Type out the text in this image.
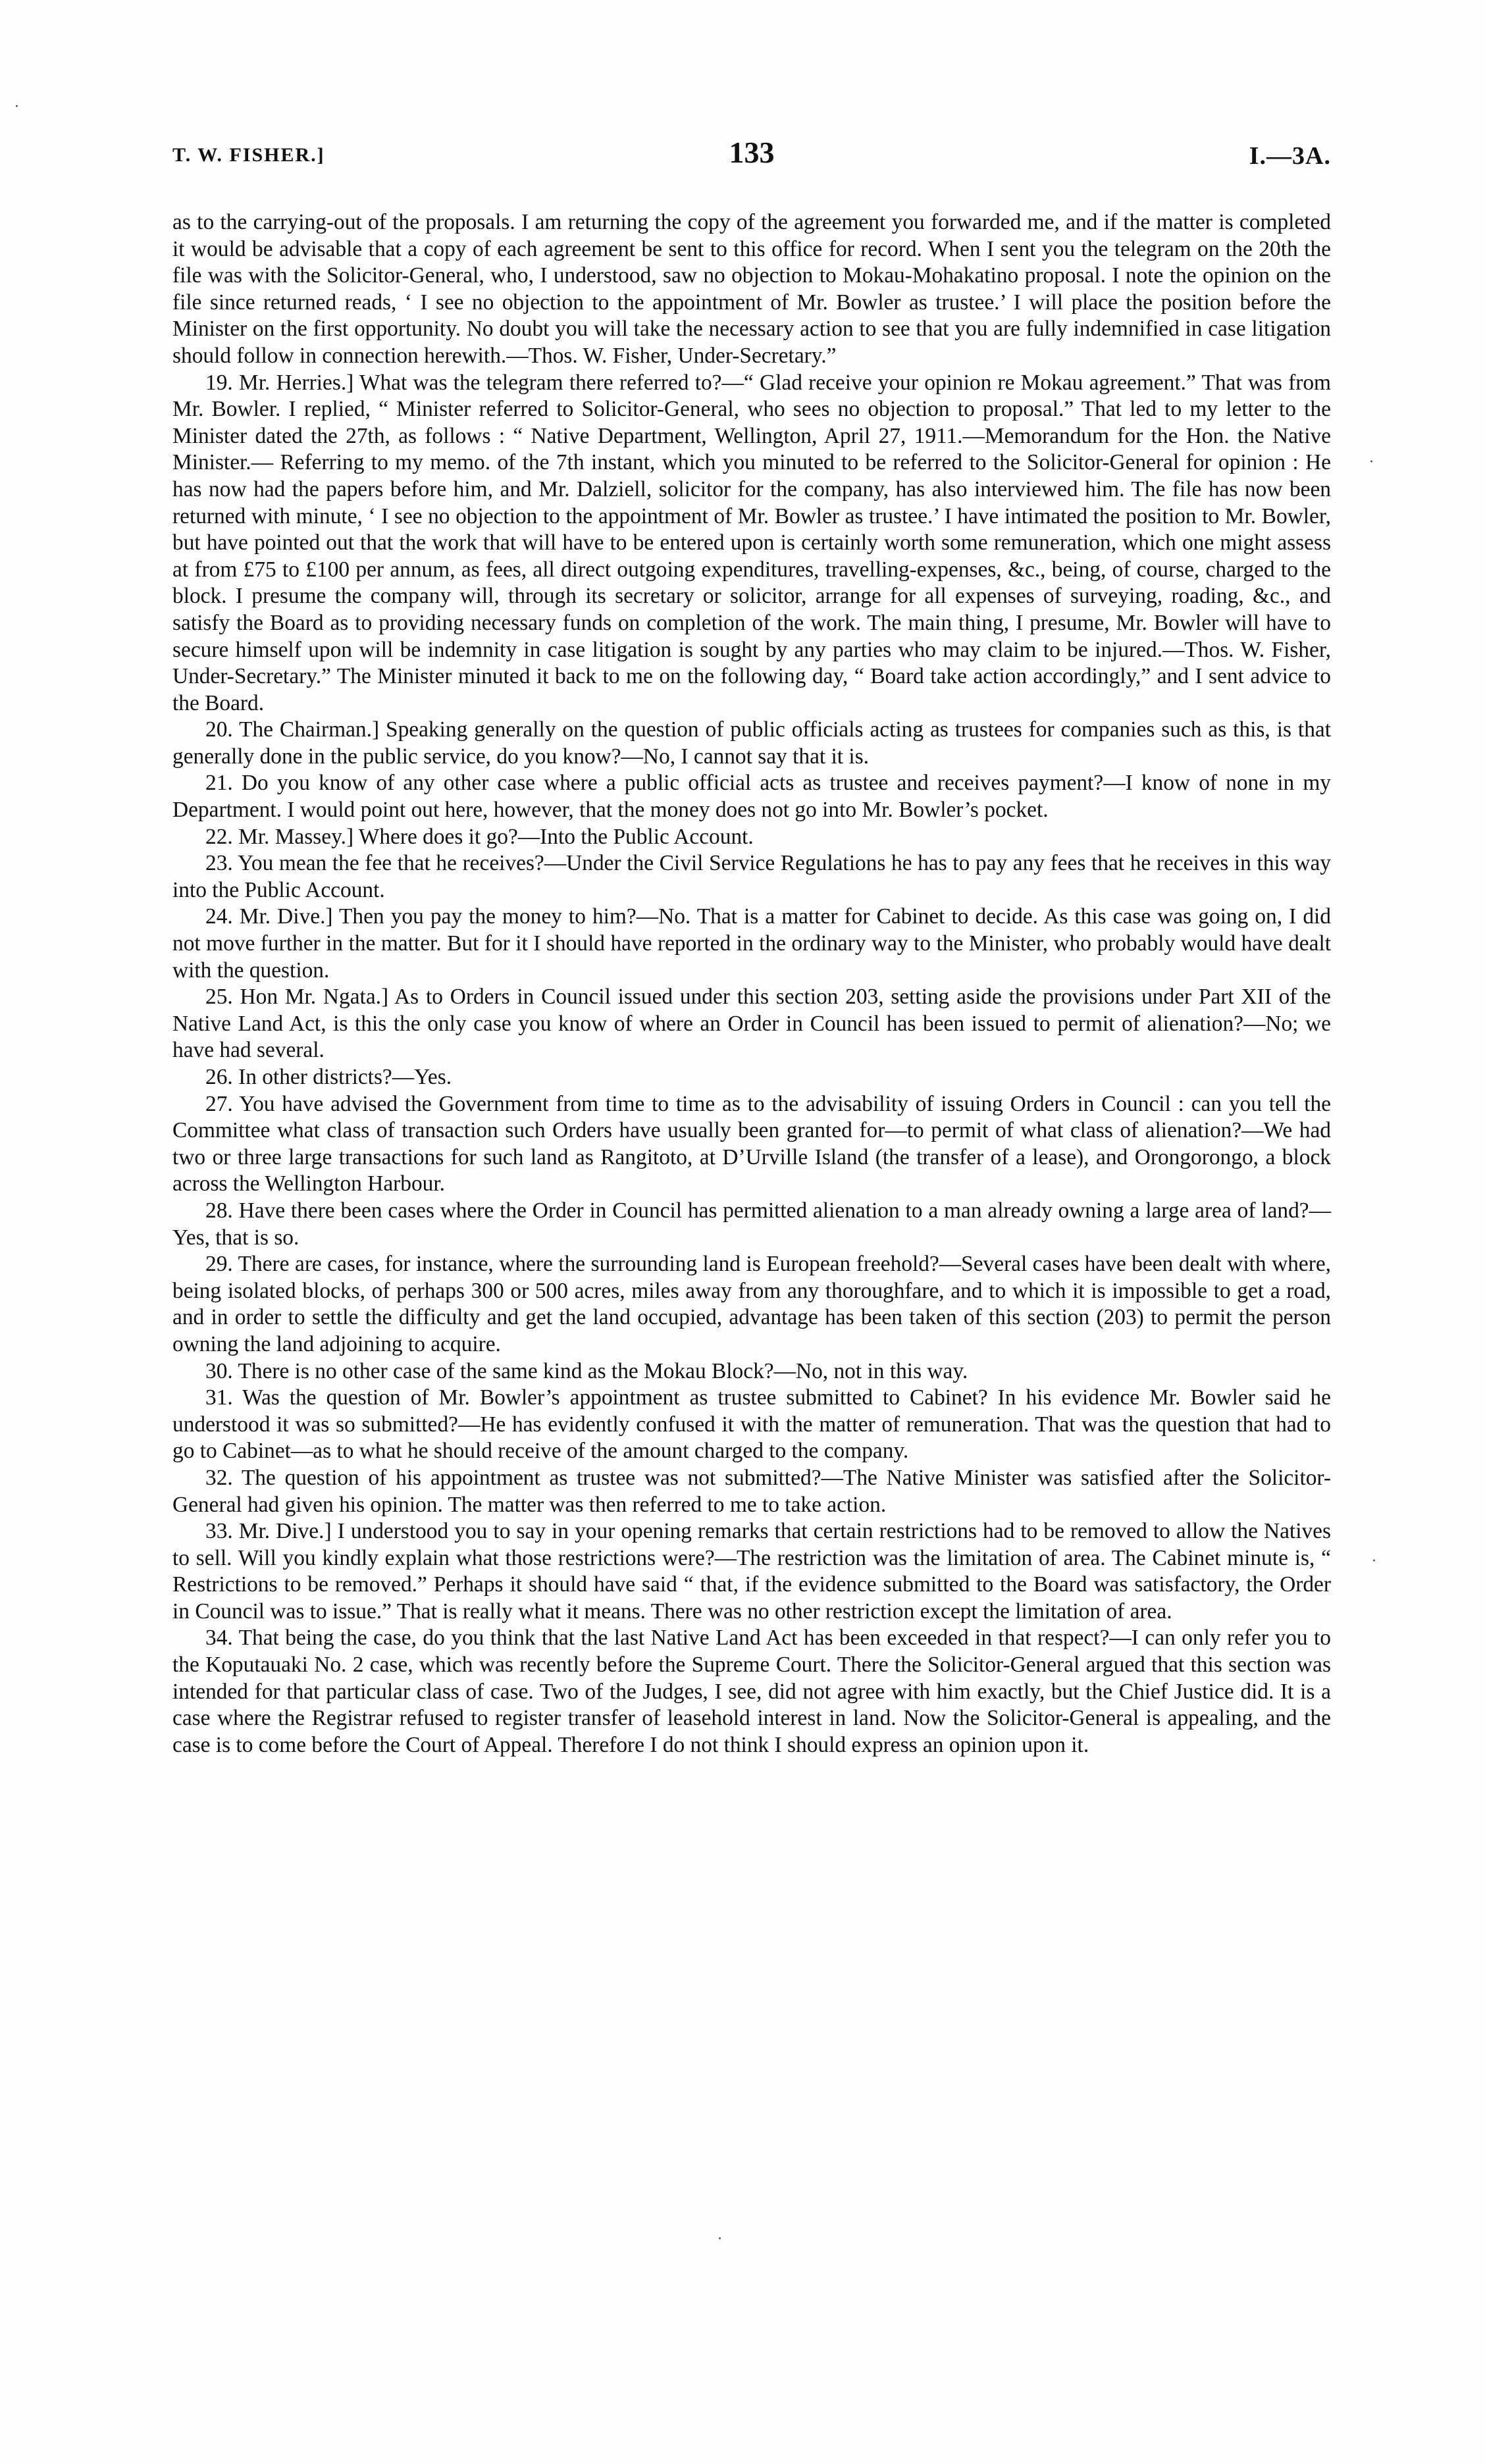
·
·
·
·
133
T. W. FISHER.]	I.—3A.

as to the carrying-out of the proposals. I am returning the copy of the agreement you forwarded me, and if the matter is completed it would be advisable that a copy of each agreement be sent to this office for record. When I sent you the telegram on the 20th the file was with the Solicitor-General, who, I understood, saw no objection to Mokau-Mohakatino proposal. I note the opinion on the file since returned reads, ‘ I see no objection to the appointment of Mr. Bowler as trustee.’ I will place the position before the Minister on the first opportunity. No doubt you will take the necessary action to see that you are fully indemnified in case litigation should follow in connection herewith.—Thos. W. Fisher, Under-Secretary.”

19. Mr. Herries.] What was the telegram there referred to?—“ Glad receive your opinion re Mokau agreement.” That was from Mr. Bowler. I replied, “ Minister referred to Solicitor-General, who sees no objection to proposal.” That led to my letter to the Minister dated the 27th, as follows : “ Native Department, Wellington, April 27, 1911.—Memorandum for the Hon. the Native Minister.— Referring to my memo. of the 7th instant, which you minuted to be referred to the Solicitor-General for opinion : He has now had the papers before him, and Mr. Dalziell, solicitor for the company, has also interviewed him. The file has now been returned with minute, ‘ I see no objection to the appointment of Mr. Bowler as trustee.’ I have intimated the position to Mr. Bowler, but have pointed out that the work that will have to be entered upon is certainly worth some remuneration, which one might assess at from £75 to £100 per annum, as fees, all direct outgoing expenditures, travelling-expenses, &c., being, of course, charged to the block. I presume the company will, through its secretary or solicitor, arrange for all expenses of surveying, roading, &c., and satisfy the Board as to providing necessary funds on completion of the work. The main thing, I presume, Mr. Bowler will have to secure himself upon will be indemnity in case litigation is sought by any parties who may claim to be injured.—Thos. W. Fisher, Under-Secretary.” The Minister minuted it back to me on the following day, “ Board take action accordingly,” and I sent advice to the Board.

20. The Chairman.] Speaking generally on the question of public officials acting as trustees for companies such as this, is that generally done in the public service, do you know?—No, I cannot say that it is.

21. Do you know of any other case where a public official acts as trustee and receives payment?—I know of none in my Department. I would point out here, however, that the money does not go into Mr. Bowler’s pocket.

22. Mr. Massey.] Where does it go?—Into the Public Account.

23. You mean the fee that he receives?—Under the Civil Service Regulations he has to pay any fees that he receives in this way into the Public Account.

24. Mr. Dive.] Then you pay the money to him?—No. That is a matter for Cabinet to decide. As this case was going on, I did not move further in the matter. But for it I should have reported in the ordinary way to the Minister, who probably would have dealt with the question.

25. Hon Mr. Ngata.] As to Orders in Council issued under this section 203, setting aside the provisions under Part XII of the Native Land Act, is this the only case you know of where an Order in Council has been issued to permit of alienation?—No; we have had several.

26. In other districts?—Yes.

27. You have advised the Government from time to time as to the advisability of issuing Orders in Council : can you tell the Committee what class of transaction such Orders have usually been granted for—to permit of what class of alienation?—We had two or three large transactions for such land as Rangitoto, at D’Urville Island (the transfer of a lease), and Orongorongo, a block across the Wellington Harbour.

28. Have there been cases where the Order in Council has permitted alienation to a man already owning a large area of land?—Yes, that is so.

29. There are cases, for instance, where the surrounding land is European freehold?—Several cases have been dealt with where, being isolated blocks, of perhaps 300 or 500 acres, miles away from any thoroughfare, and to which it is impossible to get a road, and in order to settle the difficulty and get the land occupied, advantage has been taken of this section (203) to permit the person owning the land adjoining to acquire.

30. There is no other case of the same kind as the Mokau Block?—No, not in this way.

31. Was the question of Mr. Bowler’s appointment as trustee submitted to Cabinet? In his evidence Mr. Bowler said he understood it was so submitted?—He has evidently confused it with the matter of remuneration. That was the question that had to go to Cabinet—as to what he should receive of the amount charged to the company.

32. The question of his appointment as trustee was not submitted?—The Native Minister was satisfied after the Solicitor-General had given his opinion. The matter was then referred to me to take action.

33. Mr. Dive.] I understood you to say in your opening remarks that certain restrictions had to be removed to allow the Natives to sell. Will you kindly explain what those restrictions were?—The restriction was the limitation of area. The Cabinet minute is, “ Restrictions to be removed.” Perhaps it should have said “ that, if the evidence submitted to the Board was satisfactory, the Order in Council was to issue.” That is really what it means. There was no other restriction except the limitation of area.

34. That being the case, do you think that the last Native Land Act has been exceeded in that respect?—I can only refer you to the Koputauaki No. 2 case, which was recently before the Supreme Court. There the Solicitor-General argued that this section was intended for that particular class of case. Two of the Judges, I see, did not agree with him exactly, but the Chief Justice did. It is a case where the Registrar refused to register transfer of leasehold interest in land. Now the Solicitor-General is appealing, and the case is to come before the Court of Appeal. Therefore I do not think I should express an opinion upon it.
